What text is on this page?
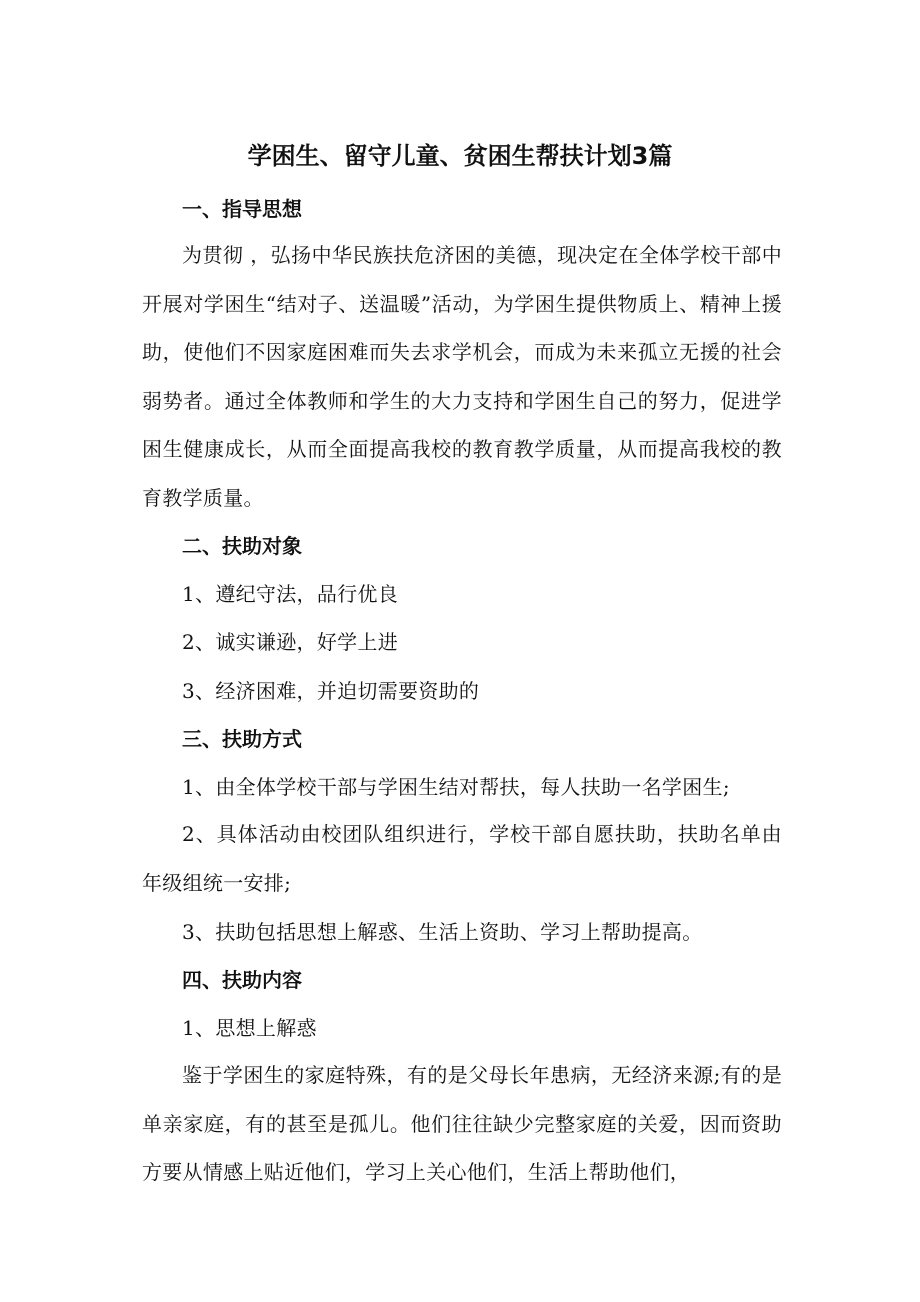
学困生、留守儿童、贫困生帮扶计划3篇
一、指导思想

为贯彻 ，弘扬中华民族扶危济困的美德，现决定在全体学校干部中开展对学困生“结对子、送温暖”活动，为学困生提供物质上、精神上援助，使他们不因家庭困难而失去求学机会，而成为未来孤立无援的社会弱势者。通过全体教师和学生的大力支持和学困生自己的努力，促进学困生健康成长，从而全面提高我校的教育教学质量，从而提高我校的教育教学质量。

二、扶助对象

1、遵纪守法，品行优良

2、诚实谦逊，好学上进

3、经济困难，并迫切需要资助的

三、扶助方式

1、由全体学校干部与学困生结对帮扶，每人扶助一名学困生;

2、具体活动由校团队组织进行，学校干部自愿扶助，扶助名单由年级组统一安排;

3、扶助包括思想上解惑、生活上资助、学习上帮助提高。

四、扶助内容

1、思想上解惑

鉴于学困生的家庭特殊，有的是父母长年患病，无经济来源;有的是单亲家庭，有的甚至是孤儿。他们往往缺少完整家庭的关爱，因而资助方要从情感上贴近他们，学习上关心他们，生活上帮助他们，
